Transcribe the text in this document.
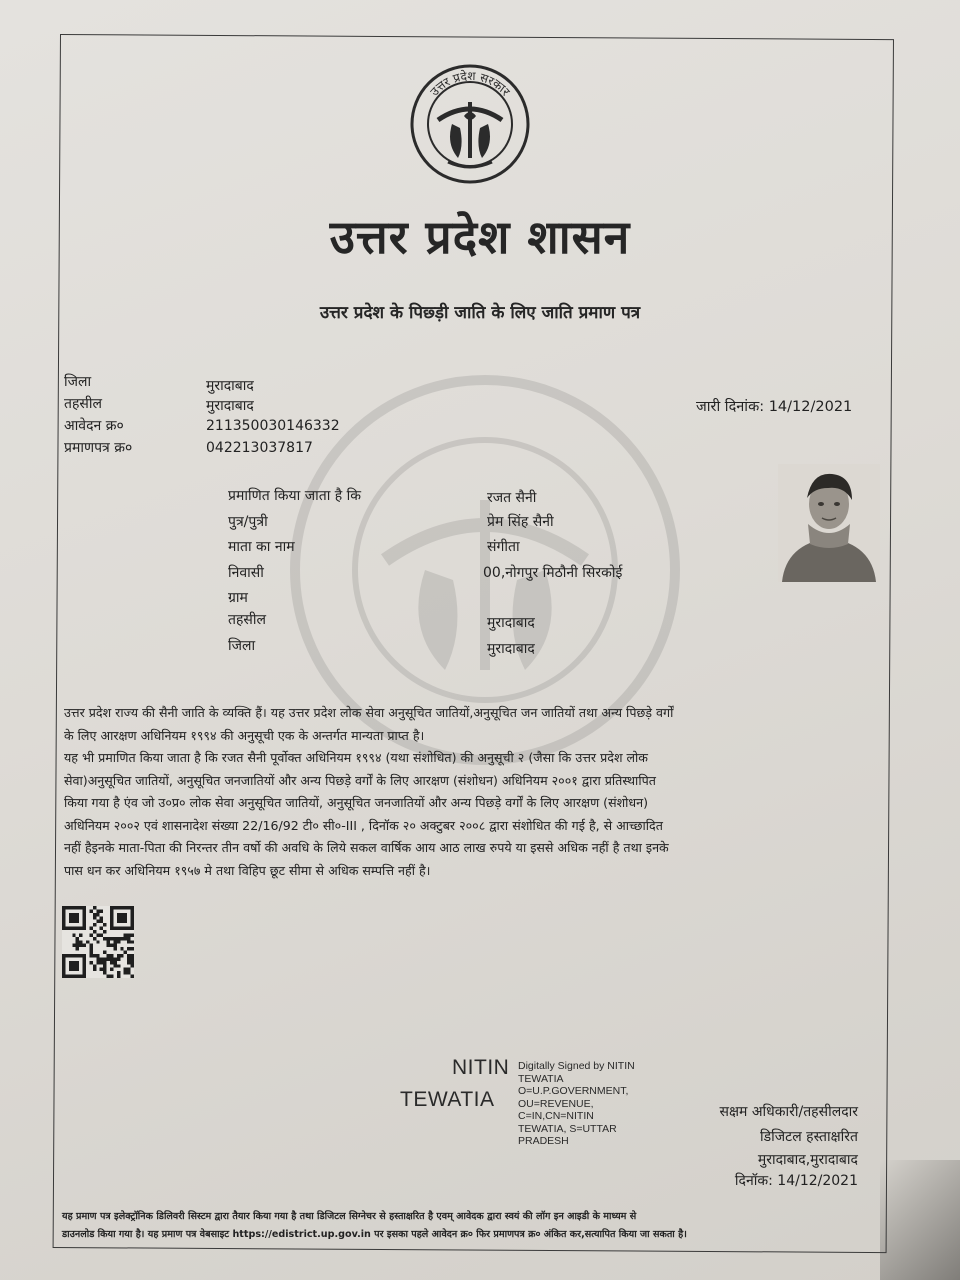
उत्तर प्रदेश सरकार
उत्तर प्रदेश शासन
उत्तर प्रदेश के पिछ्ड़ी जाति के लिए जाति प्रमाण पत्र
जिला	मुरादाबाद
तहसील	मुरादाबाद
आवेदन क्र०	211350030146332
प्रमाणपत्र क्र०	042213037817
जारी दिनांक: 14/12/2021
प्रमाणित किया जाता है कि	रजत सैनी
पुत्र/पुत्री	प्रेम सिंह सैनी
माता का नाम	संगीता
निवासी	00,नोगपुर मिठौनी सिरकोई
ग्राम
तहसील	मुरादाबाद
जिला	मुरादाबाद
उत्तर प्रदेश राज्य की सैनी जाति के व्यक्ति हैं। यह उत्तर प्रदेश लोक सेवा अनुसूचित जातियों,अनुसूचित जन जातियों तथा अन्य पिछड़े वर्गों
के लिए आरक्षण अधिनियम १९९४ की अनुसूची एक के अन्तर्गत मान्यता प्राप्त है।
यह भी प्रमाणित किया जाता है कि रजत सैनी पूर्वोक्त अधिनियम १९९४ (यथा संशोधित) की अनुसूची २ (जैसा कि उत्तर प्रदेश लोक
सेवा)अनुसूचित जातियों, अनुसूचित जनजातियों और अन्य पिछड़े वर्गों के लिए आरक्षण (संशोधन) अधिनियम २००१ द्वारा प्रतिस्थापित
किया गया है एंव जो उ०प्र० लोक सेवा अनुसूचित जातियों, अनुसूचित जनजातियों और अन्य पिछड़े वर्गों के लिए आरक्षण (संशोधन)
अधिनियम २००२ एवं शासनादेश संख्या 22/16/92 टी० सी०-III , दिनॉक २० अक्टुबर २००८ द्वारा संशोधित की गई है, से आच्छादित
नहीं हैइनके माता-पिता की निरन्तर तीन वर्षो की अवधि के लिये सकल वार्षिक आय आठ लाख रुपये या इससे अधिक नहीं है तथा इनके
पास धन कर अधिनियम १९५७ मे तथा विहिप छूट सीमा से अधिक सम्पत्ति नहीं है।
NITIN
TEWATIA
Digitally Signed by NITIN
TEWATIA
O=U.P.GOVERNMENT,
OU=REVENUE,
C=IN,CN=NITIN
TEWATIA, S=UTTAR
PRADESH
सक्षम अधिकारी/तहसीलदार
डिजिटल हस्ताक्षरित
मुरादाबाद,मुरादाबाद
दिनॉक: 14/12/2021
यह प्रमाण पत्र इलेक्ट्रॉनिक डिलिवरी सिस्टम द्वारा तैयार किया गया है तथा डिजिटल सिग्नेचर से हस्ताक्षरित है एवम् आवेदक द्वारा स्वयं की लॉग इन आइडी के माध्यम से
डाउनलोड किया गया है। यह प्रमाण पत्र वेबसाइट https://edistrict.up.gov.in पर इसका पहले आवेदन क्र० फिर प्रमाणपत्र क्र० अंकित कर,सत्यापित किया जा सकता है।
